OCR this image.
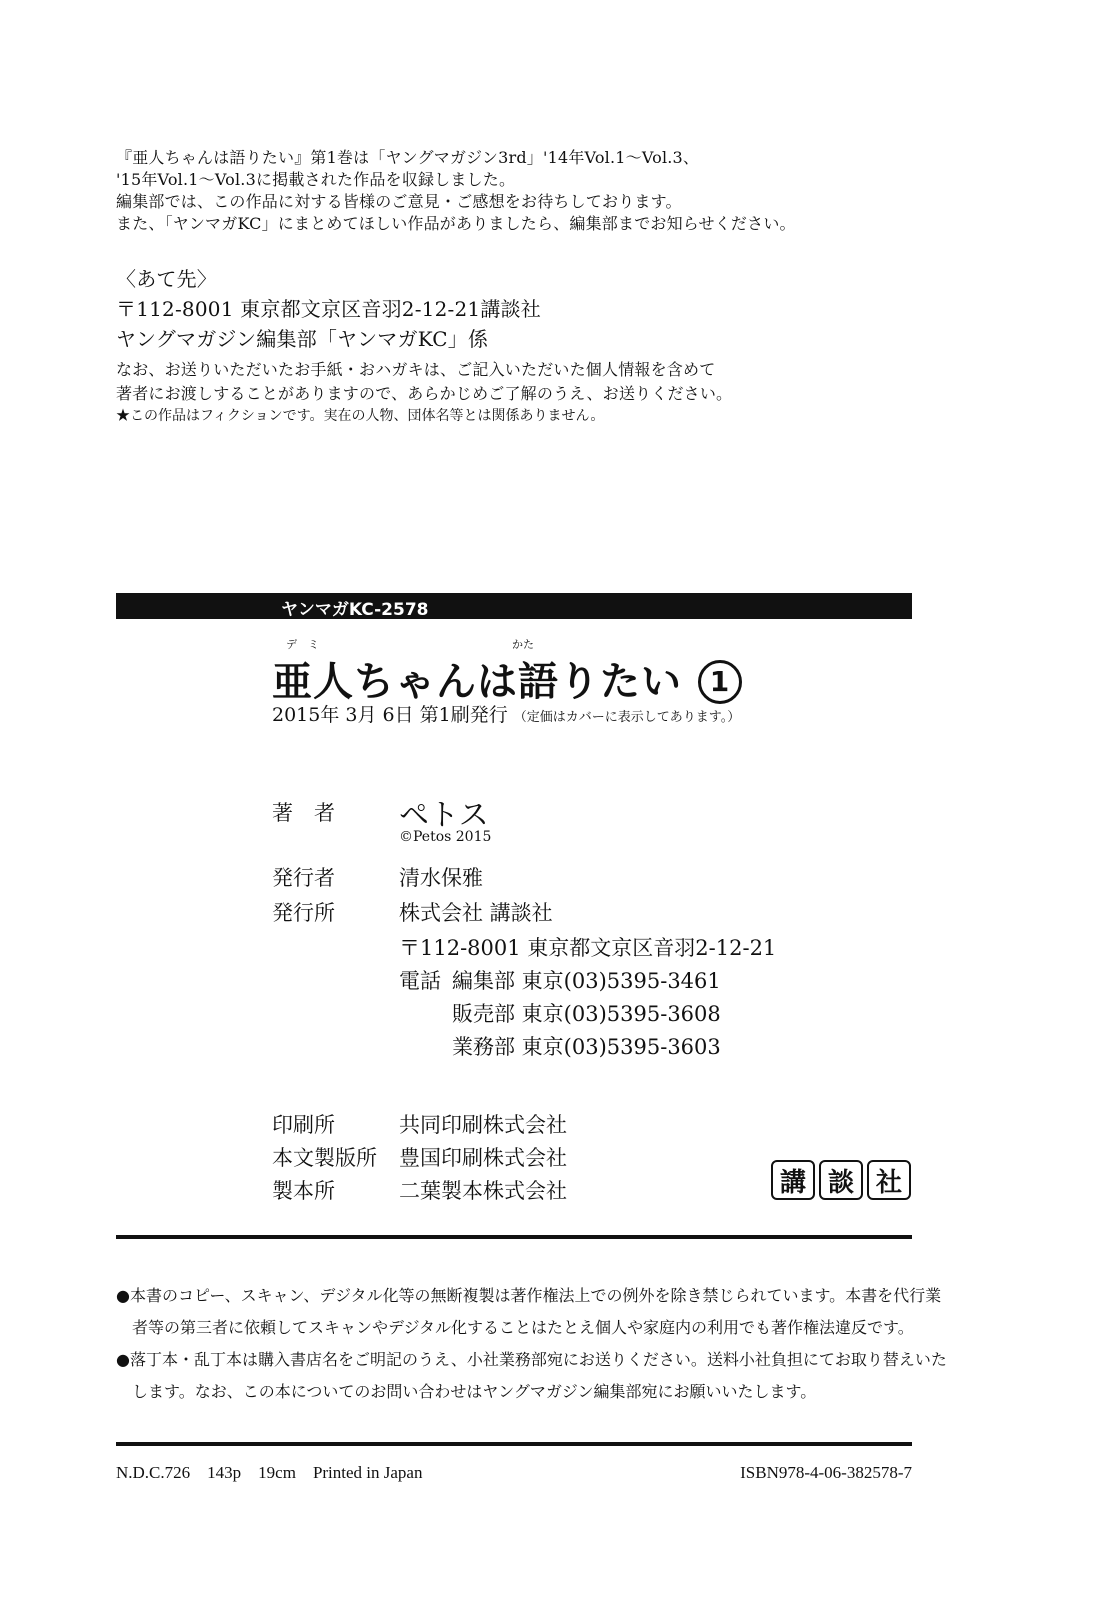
『亜人ちゃんは語りたい』第1巻は「ヤングマガジン3rd」'14年Vol.1〜Vol.3、

'15年Vol.1〜Vol.3に掲載された作品を収録しました。

編集部では、この作品に対する皆様のご意見・ご感想をお待ちしております。

また、「ヤンマガKC」にまとめてほしい作品がありましたら、編集部までお知らせください。

〈あて先〉

〒112-8001 東京都文京区音羽2-12-21講談社

ヤングマガジン編集部「ヤンマガKC」係

なお、お送りいただいたお手紙・おハガキは、ご記入いただいた個人情報を含めて

著者にお渡しすることがありますので、あらかじめご了解のうえ、お送りください。

★この作品はフィクションです。実在の人物、団体名等とは関係ありません。
ヤンマガKC-2578
デ　ミ	かた
亜人ちゃんは語りたい 1
2015年 3月 6日 第1刷発行 （定価はカバーに表示してあります。）
著　者 ペトス
©Petos 2015
発行者	清水保雅
発行所	株式会社 講談社
〒112-8001 東京都文京区音羽2-12-21
電話 編集部 東京(03)5395-3461
販売部 東京(03)5395-3608
業務部 東京(03)5395-3603
印刷所	共同印刷株式会社
本文製版所 豊国印刷株式会社
製本所	二葉製本株式会社	講 談 社

●本書のコピー、スキャン、デジタル化等の無断複製は著作権法上での例外を除き禁じられています。本書を代行業

　者等の第三者に依頼してスキャンやデジタル化することはたとえ個人や家庭内の利用でも著作権法違反です。

●落丁本・乱丁本は購入書店名をご明記のうえ、小社業務部宛にお送りください。送料小社負担にてお取り替えいた

　します。なお、この本についてのお問い合わせはヤングマガジン編集部宛にお願いいたします。

N.D.C.726 143p 19cm Printed in Japan	ISBN978-4-06-382578-7
